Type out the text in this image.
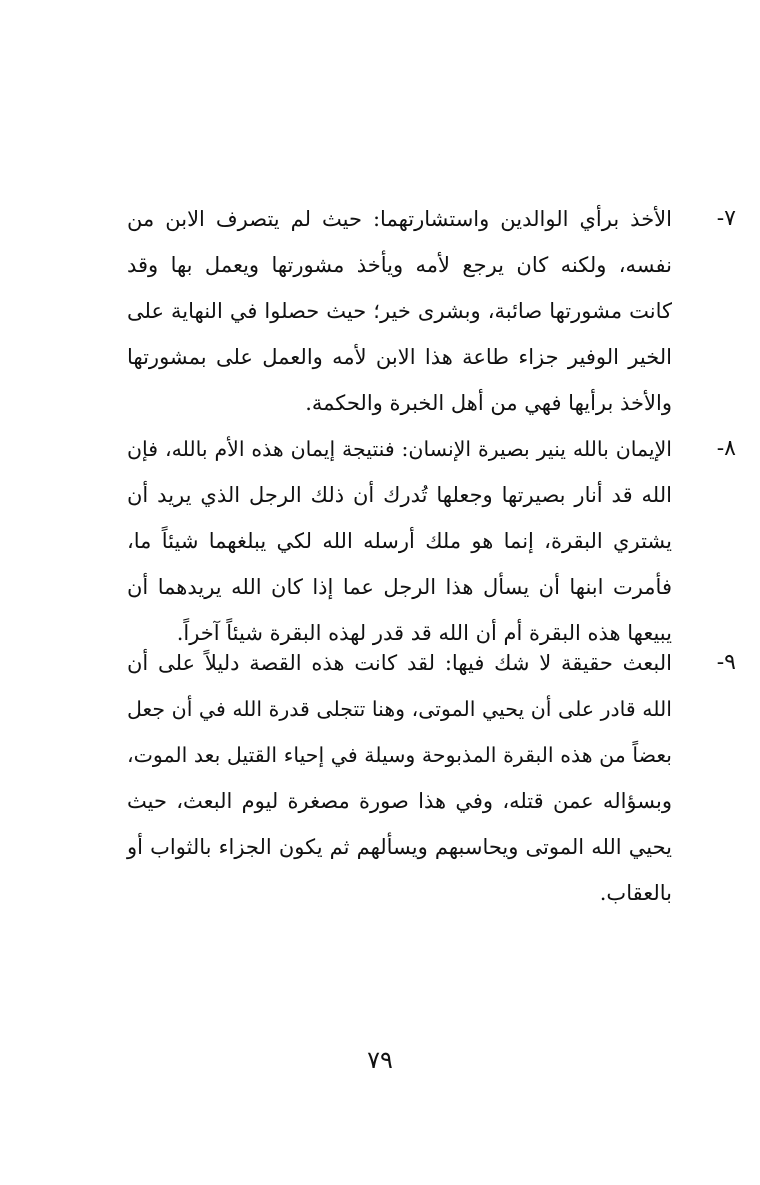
٧-
الأخذ برأي الوالدين واستشارتهما: حيث لم يتصرف الابن من
نفسه، ولكنه كان يرجع لأمه ويأخذ مشورتها ويعمل بها وقد
كانت مشورتها صائبة، وبشرى خير؛ حيث حصلوا في النهاية على
الخير الوفير جزاء طاعة هذا الابن لأمه والعمل على بمشورتها
والأخذ برأيها فهي من أهل الخبرة والحكمة.
٨-
الإيمان بالله ينير بصيرة الإنسان: فنتيجة إيمان هذه الأم بالله، فإن
الله قد أنار بصيرتها وجعلها تُدرك أن ذلك الرجل الذي يريد أن
يشتري البقرة، إنما هو ملك أرسله الله لكي يبلغهما شيئاً ما،
فأمرت ابنها أن يسأل هذا الرجل عما إذا كان الله يريدهما أن
يبيعها هذه البقرة أم أن الله قد قدر لهذه البقرة شيئاً آخراً.
٩-
البعث حقيقة لا شك فيها: لقد كانت هذه القصة دليلاً على أن
الله قادر على أن يحيي الموتى، وهنا تتجلى قدرة الله في أن جعل
بعضاً من هذه البقرة المذبوحة وسيلة في إحياء القتيل بعد الموت،
وبسؤاله عمن قتله، وفي هذا صورة مصغرة ليوم البعث، حيث
يحيي الله الموتى ويحاسبهم ويسألهم ثم يكون الجزاء بالثواب أو
بالعقاب.
٧٩
